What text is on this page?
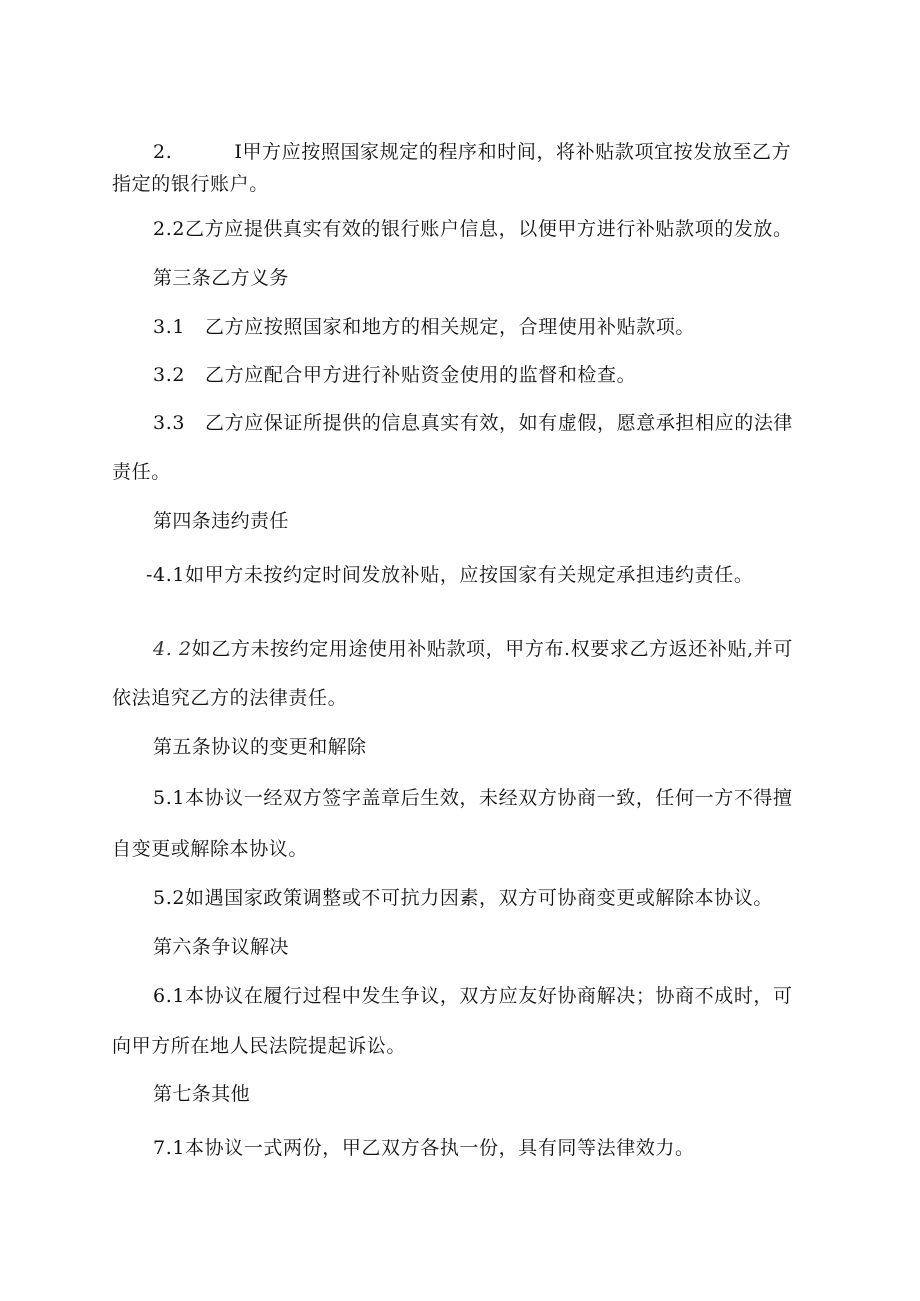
2.	I甲方应按照国家规定的程序和时间，将补贴款项宜按发放至乙方

指定的银行账户。

2.2乙方应提供真实有效的银行账户信息，以便甲方进行补贴款项的发放。

第三条乙方义务

3.1 乙方应按照国家和地方的相关规定，合理使用补贴款项。

3.2 乙方应配合甲方进行补贴资金使用的监督和检查。

3.3 乙方应保证所提供的信息真实有效，如有虚假，愿意承担相应的法律

责任。

第四条违约责任

-4.1如甲方未按约定时间发放补贴，应按国家有关规定承担违约责任。

4. 2如乙方未按约定用途使用补贴款项，甲方布.权要求乙方返还补贴,并可

依法追究乙方的法律责任。

第五条协议的变更和解除

5.1本协议一经双方签字盖章后生效，未经双方协商一致，任何一方不得擅

自变更或解除本协议。

5.2如遇国家政策调整或不可抗力因素，双方可协商变更或解除本协议。

第六条争议解决

6.1本协议在履行过程中发生争议，双方应友好协商解决；协商不成时，可

向甲方所在地人民法院提起诉讼。

第七条其他

7.1本协议一式两份，甲乙双方各执一份，具有同等法律效力。
